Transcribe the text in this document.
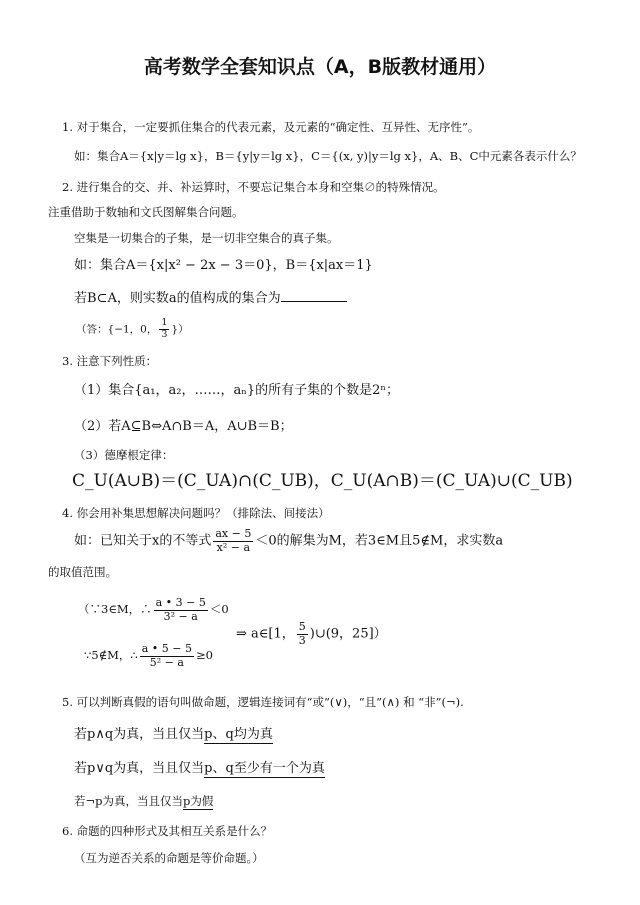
高考数学全套知识点（A，B版教材通用）
1. 对于集合，一定要抓住集合的代表元素，及元素的“确定性、互异性、无序性”。
如：集合A＝{x|y＝lg x}，B＝{y|y＝lg x}，C＝{(x, y)|y＝lg x}，A、B、C中元素各表示什么？
2. 进行集合的交、并、补运算时，不要忘记集合本身和空集∅的特殊情况。
注重借助于数轴和文氏图解集合问题。
空集是一切集合的子集，是一切非空集合的真子集。
如：集合A＝{x|x² − 2x − 3＝0}，B＝{x|ax＝1}
若B⊂A，则实数a的值构成的集合为
（答：{−1，0， $\frac{1}{3}$ }）
3. 注意下列性质：
（1）集合{a₁，a₂，……，aₙ}的所有子集的个数是2ⁿ；
（2）若A⊆B⇔A∩B＝A，A∪B＝B；
（3）德摩根定律：
C_U(A∪B)＝(C_UA)∩(C_UB)，C_U(A∩B)＝(C_UA)∪(C_UB)
4. 你会用补集思想解决问题吗？（排除法、间接法）
如：已知关于x的不等式 $\frac{ax - 5}{\text{x² − a}} <0$的解集为M，若3∈M且5∉M，求实数a
的取值范围。
（∵3∈M，∴ $\frac{a • 3 - 5}{\text{3² − a}} <0$
∵5∉M，∴ $\frac{a • 5 - 5}{\text{5² − a}} \ge 0$
⇒ a∈[1， $\frac{5}{3}$ )∪(9，25]）
5. 可以判断真假的语句叫做命题，逻辑连接词有“或”(∨)，“且”(∧) 和 “非”(¬).
若p∧q为真，当且仅当p、q均为真
若p∨q为真，当且仅当p、q至少有一个为真
若¬p为真，当且仅当p为假
6. 命题的四种形式及其相互关系是什么？
（互为逆否关系的命题是等价命题。）
